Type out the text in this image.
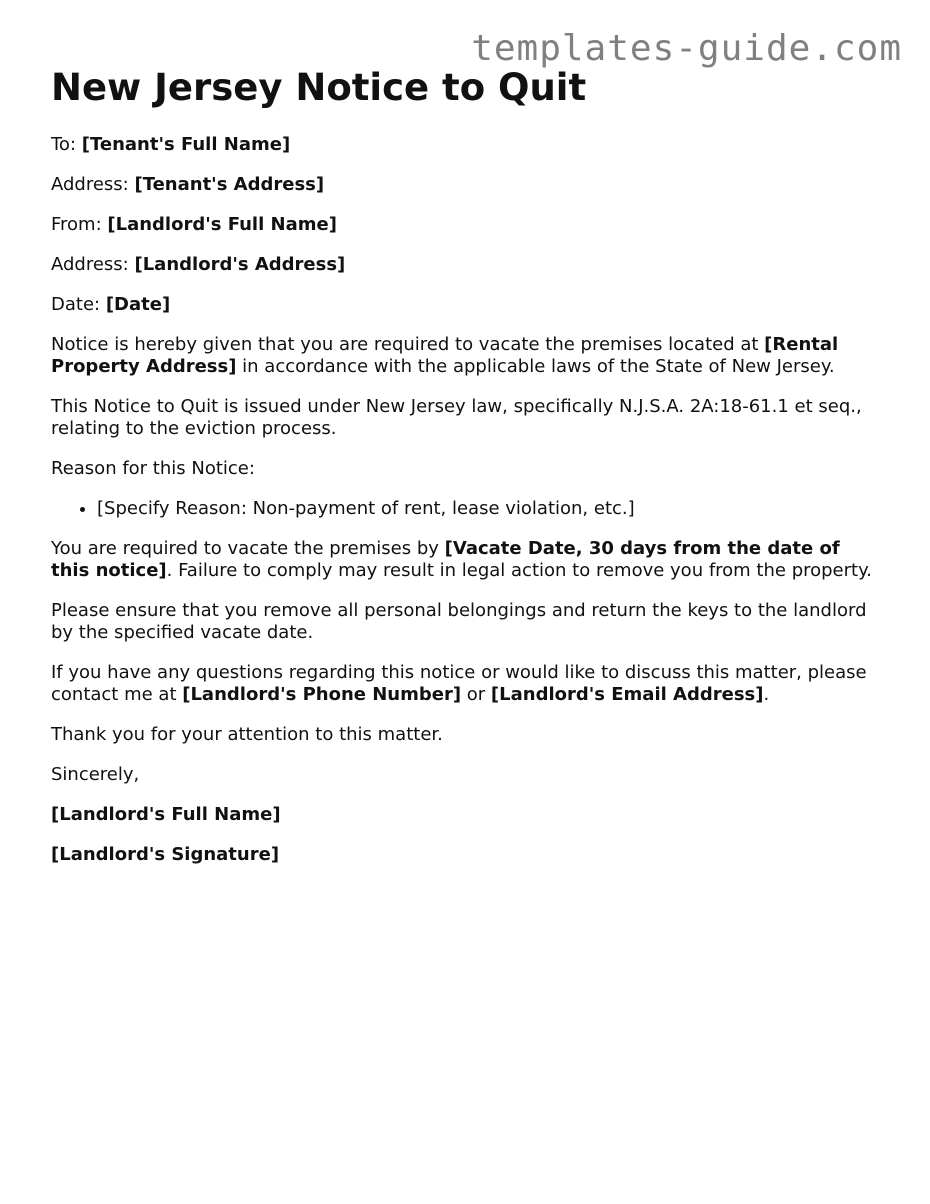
templates-guide.com
New Jersey Notice to Quit

To: [Tenant's Full Name]

Address: [Tenant's Address]

From: [Landlord's Full Name]

Address: [Landlord's Address]

Date: [Date]

Notice is hereby given that you are required to vacate the premises located at [Rental Property Address] in accordance with the applicable laws of the State of New Jersey.

This Notice to Quit is issued under New Jersey law, specifically N.J.S.A. 2A:18-61.1 et seq., relating to the eviction process.

Reason for this Notice:

• [Specify Reason: Non-payment of rent, lease violation, etc.]

You are required to vacate the premises by [Vacate Date, 30 days from the date of this notice]. Failure to comply may result in legal action to remove you from the property.

Please ensure that you remove all personal belongings and return the keys to the landlord by the specified vacate date.

If you have any questions regarding this notice or would like to discuss this matter, please contact me at [Landlord's Phone Number] or [Landlord's Email Address].

Thank you for your attention to this matter.

Sincerely,

[Landlord's Full Name]

[Landlord's Signature]
